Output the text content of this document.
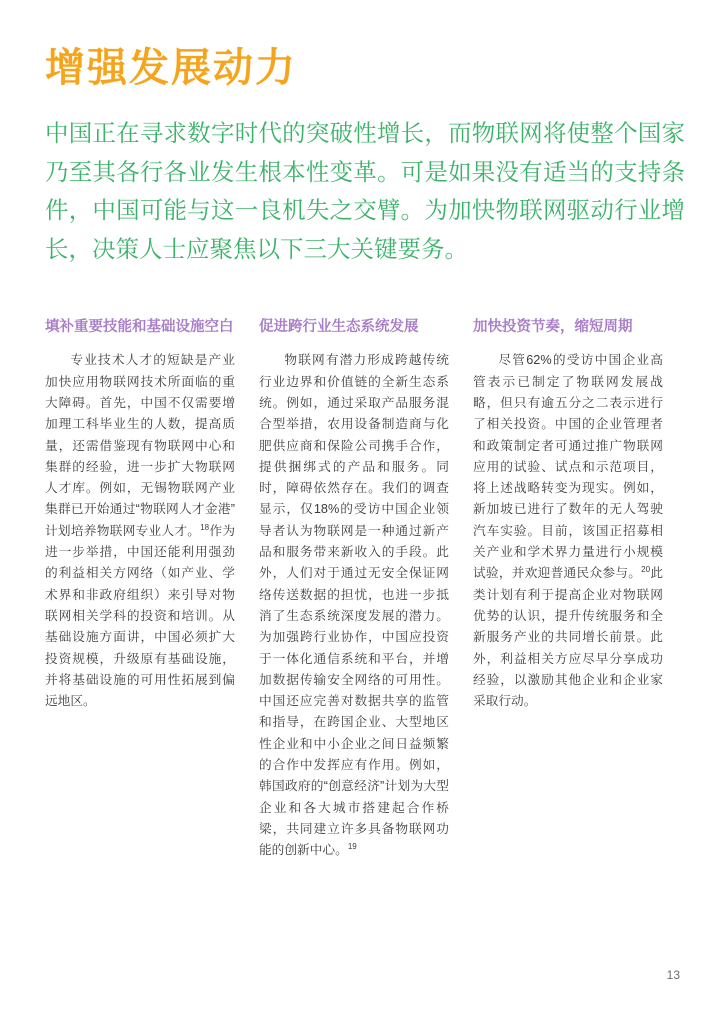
增强发展动力

中国正在寻求数字时代的突破性增长，而物联网将使整个国家乃至其各行各业发生根本性变革。可是如果没有适当的支持条件，中国可能与这一良机失之交臂。为加快物联网驱动行业增长，决策人士应聚焦以下三大关键要务。

填补重要技能和基础设施空白

专业技术人才的短缺是产业加快应用物联网技术所面临的重大障碍。首先，中国不仅需要增加理工科毕业生的人数，提高质量，还需借鉴现有物联网中心和集群的经验，进一步扩大物联网人才库。例如，无锡物联网产业集群已开始通过“物联网人才金港”计划培养物联网专业人才。$^{18}$作为进一步举措，中国还能利用强劲的利益相关方网络（如产业、学术界和非政府组织）来引导对物联网相关学科的投资和培训。从基础设施方面讲，中国必须扩大投资规模，升级原有基础设施，并将基础设施的可用性拓展到偏远地区。

促进跨行业生态系统发展

物联网有潜力形成跨越传统行业边界和价值链的全新生态系统。例如，通过采取产品服务混合型举措，农用设备制造商与化肥供应商和保险公司携手合作，提供捆绑式的产品和服务。同时，障碍依然存在。我们的调查显示，仅18%的受访中国企业领导者认为物联网是一种通过新产品和服务带来新收入的手段。此外，人们对于通过无安全保证网络传送数据的担忧，也进一步抵消了生态系统深度发展的潜力。为加强跨行业协作，中国应投资于一体化通信系统和平台，并增加数据传输安全网络的可用性。中国还应完善对数据共享的监管和指导，在跨国企业、大型地区性企业和中小企业之间日益频繁的合作中发挥应有作用。例如，韩国政府的“创意经济”计划为大型企业和各大城市搭建起合作桥梁，共同建立许多具备物联网功能的创新中心。$^{19}$

加快投资节奏，缩短周期

尽管62%的受访中国企业高管表示已制定了物联网发展战略，但只有逾五分之二表示进行了相关投资。中国的企业管理者和政策制定者可通过推广物联网应用的试验、试点和示范项目，将上述战略转变为现实。例如，新加坡已进行了数年的无人驾驶汽车实验。目前，该国正招募相关产业和学术界力量进行小规模试验，并欢迎普通民众参与。$^{20}$此类计划有利于提高企业对物联网优势的认识，提升传统服务和全新服务产业的共同增长前景。此外，利益相关方应尽早分享成功经验，以激励其他企业和企业家采取行动。

13
